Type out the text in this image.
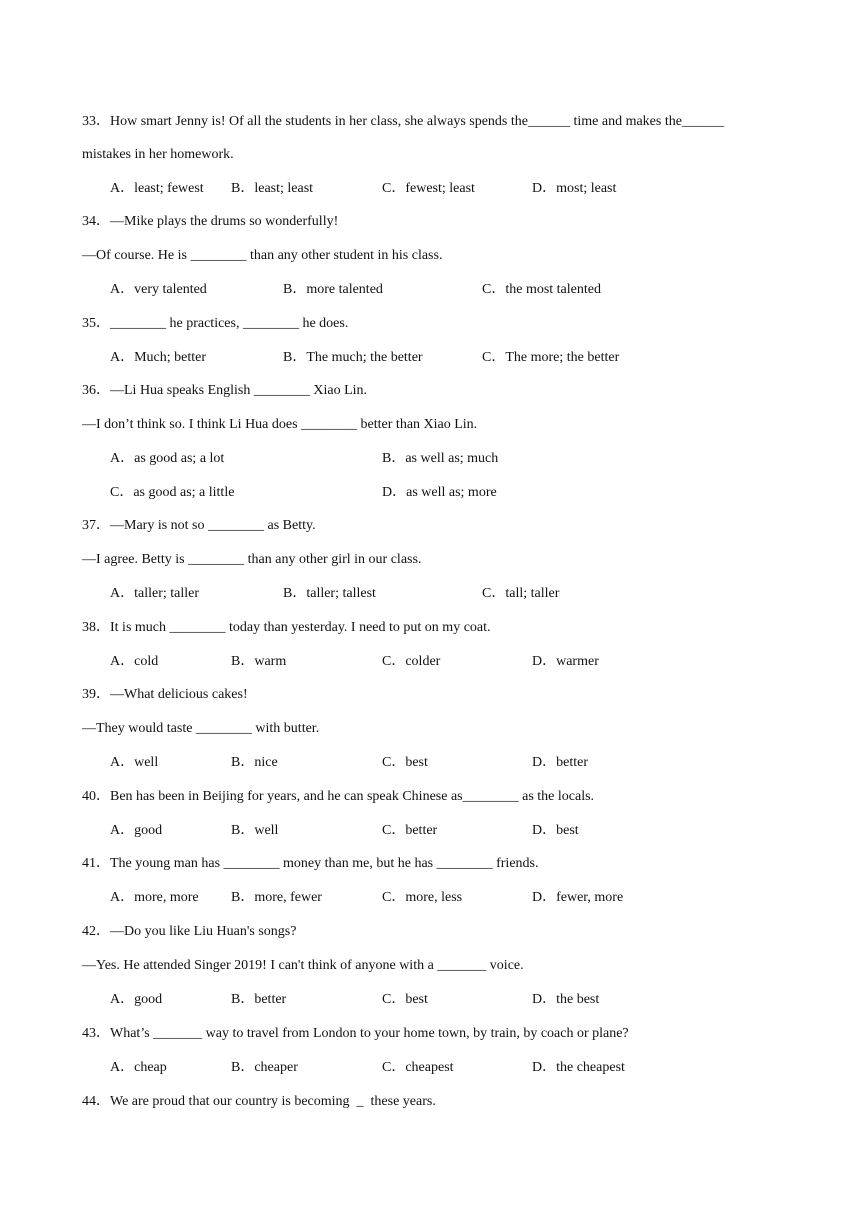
33．How smart Jenny is! Of all the students in her class, she always spends the______ time and makes the______
mistakes in her homework.
A．least; fewest B．least; least	C．fewest; least	D．most; least
34．—Mike plays the drums so wonderfully!
—Of course. He is ________ than any other student in his class.
A．very talented	B．more talented	C．the most talented
35．________ he practices, ________ he does.
A．Much; better	B．The much; the better	C．The more; the better
36．—Li Hua speaks English ________ Xiao Lin.
—I don’t think so. I think Li Hua does ________ better than Xiao Lin.
A．as good as; a lot	B．as well as; much
C．as good as; a little	D．as well as; more
37．—Mary is not so ________ as Betty.
—I agree. Betty is ________ than any other girl in our class.
A．taller; taller	B．taller; tallest	C．tall; taller
38．It is much ________ today than yesterday. I need to put on my coat.
A．cold	B．warm	C．colder	D．warmer
39．—What delicious cakes!
—They would taste ________ with butter.
A．well	B．nice	C．best	D．better
40．Ben has been in Beijing for years, and he can speak Chinese as________ as the locals.
A．good	B．well	C．better	D．best
41．The young man has ________ money than me, but he has ________ friends.
A．more, more B．more, fewer	C．more, less	D．fewer, more
42．—Do you like Liu Huan's songs?
—Yes. He attended Singer 2019! I can't think of anyone with a _______ voice.
A．good	B．better	C．best	D．the best
43．What’s _______ way to travel from London to your home town, by train, by coach or plane?
A．cheap	B．cheaper	C．cheapest	D．the cheapest
44．We are proud that our country is becoming  _  these years.
